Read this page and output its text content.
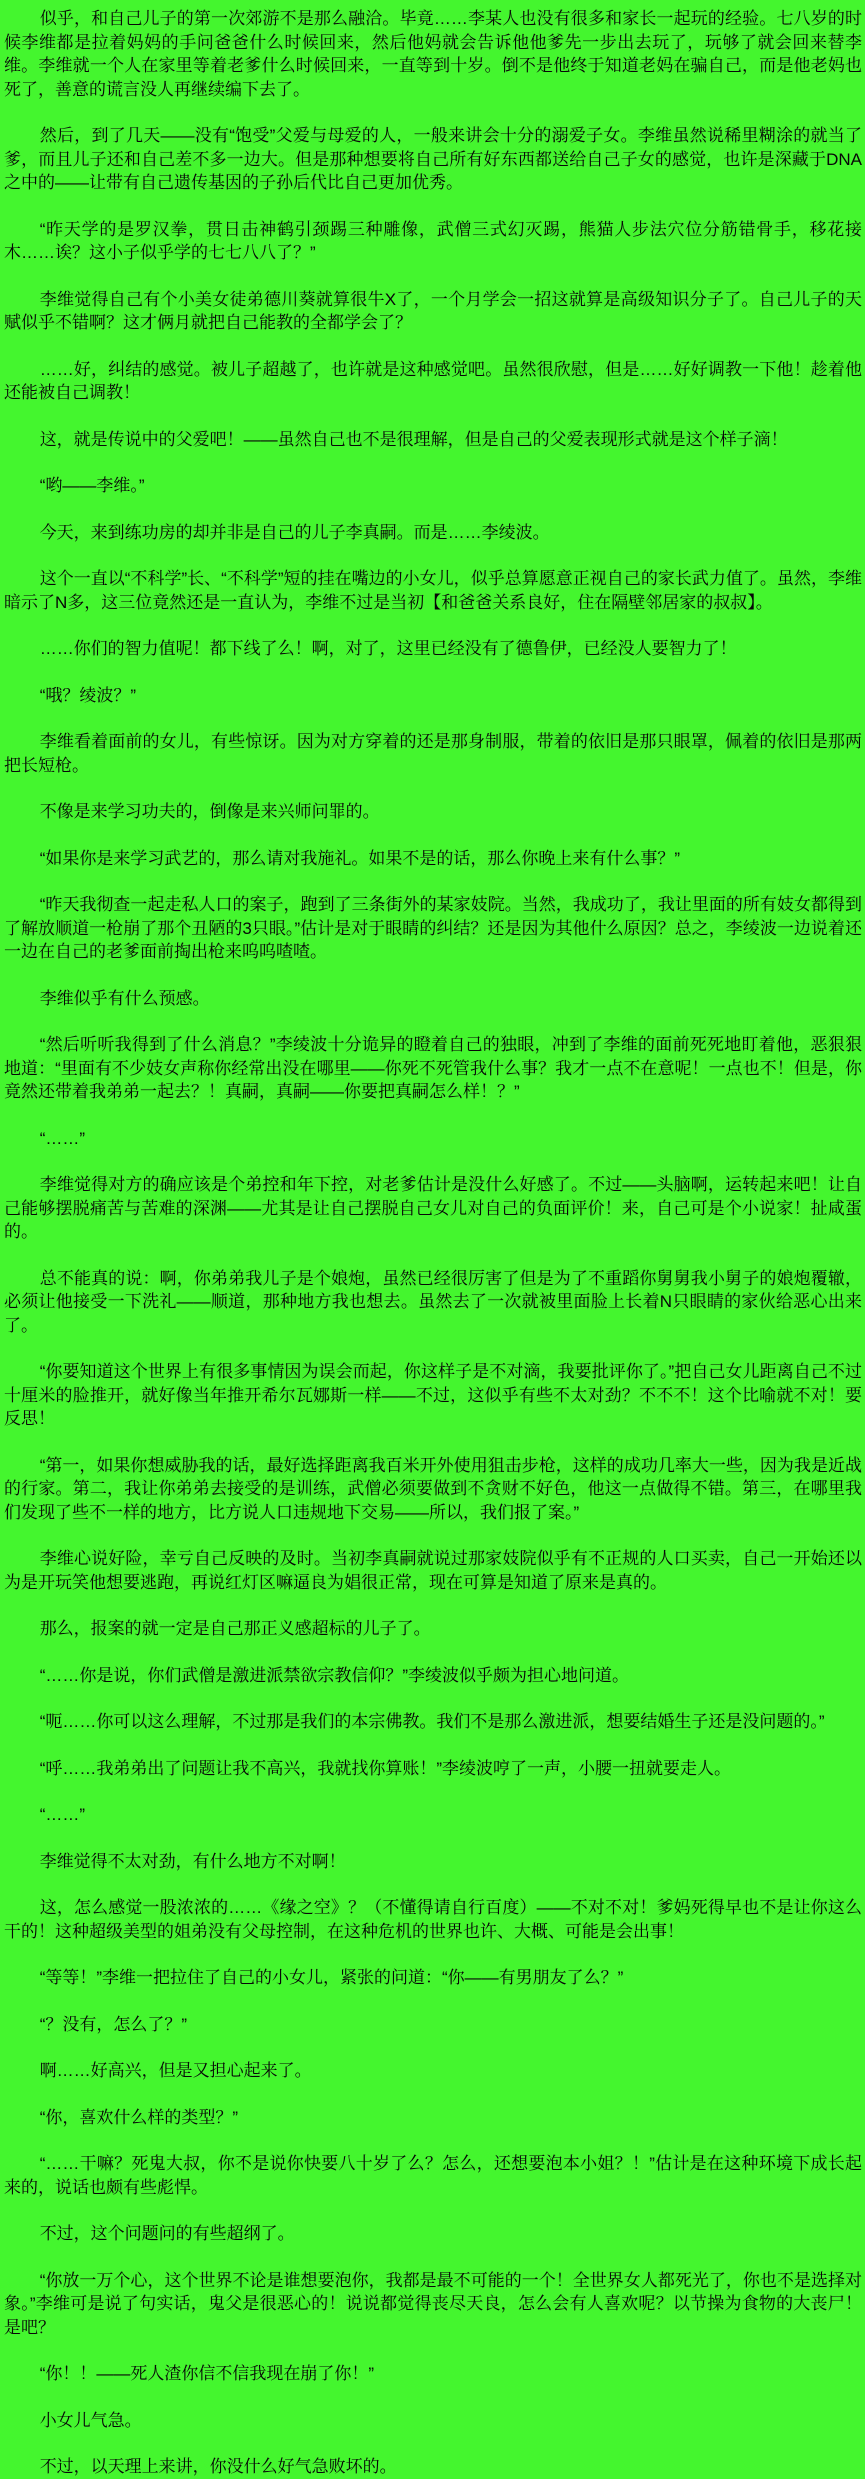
似乎，和自己儿子的第一次郊游不是那么融洽。毕竟……李某人也没有很多和家长一起玩的经验。七八岁的时候李维都是拉着妈妈的手问爸爸什么时候回来，然后他妈就会告诉他他爹先一步出去玩了，玩够了就会回来替李维。李维就一个人在家里等着老爹什么时候回来，一直等到十岁。倒不是他终于知道老妈在骗自己，而是他老妈也死了，善意的谎言没人再继续编下去了。

然后，到了几天——没有“饱受”父爱与母爱的人，一般来讲会十分的溺爱子女。李维虽然说稀里糊涂的就当了爹，而且儿子还和自己差不多一边大。但是那种想要将自己所有好东西都送给自己子女的感觉，也许是深藏于DNA之中的——让带有自己遗传基因的子孙后代比自己更加优秀。

“昨天学的是罗汉拳，贯日击神鹤引颈踢三种雕像，武僧三式幻灭踢，熊猫人步法穴位分筋错骨手，移花接木……诶？这小子似乎学的七七八八了？”

李维觉得自己有个小美女徒弟德川葵就算很牛X了，一个月学会一招这就算是高级知识分子了。自己儿子的天赋似乎不错啊？这才俩月就把自己能教的全都学会了？

……好，纠结的感觉。被儿子超越了，也许就是这种感觉吧。虽然很欣慰，但是……好好调教一下他！趁着他还能被自己调教！

这，就是传说中的父爱吧！——虽然自己也不是很理解，但是自己的父爱表现形式就是这个样子滴！

“哟——李维。”

今天，来到练功房的却并非是自己的儿子李真嗣。而是……李绫波。

这个一直以“不科学”长、“不科学”短的挂在嘴边的小女儿，似乎总算愿意正视自己的家长武力值了。虽然，李维暗示了N多，这三位竟然还是一直认为，李维不过是当初【和爸爸关系良好，住在隔壁邻居家的叔叔】。

……你们的智力值呢！都下线了么！啊，对了，这里已经没有了德鲁伊，已经没人要智力了！

“哦？绫波？”

李维看着面前的女儿，有些惊讶。因为对方穿着的还是那身制服，带着的依旧是那只眼罩，佩着的依旧是那两把长短枪。

不像是来学习功夫的，倒像是来兴师问罪的。

“如果你是来学习武艺的，那么请对我施礼。如果不是的话，那么你晚上来有什么事？”

“昨天我彻查一起走私人口的案子，跑到了三条街外的某家妓院。当然，我成功了，我让里面的所有妓女都得到了解放顺道一枪崩了那个丑陋的3只眼。”估计是对于眼睛的纠结？还是因为其他什么原因？总之，李绫波一边说着还一边在自己的老爹面前掏出枪来呜呜喳喳。

李维似乎有什么预感。

“然后听听我得到了什么消息？”李绫波十分诡异的瞪着自己的独眼，冲到了李维的面前死死地盯着他，恶狠狠地道：“里面有不少妓女声称你经常出没在哪里——你死不死管我什么事？我才一点不在意呢！一点也不！但是，你竟然还带着我弟弟一起去？！真嗣，真嗣——你要把真嗣怎么样！？”

“……”

李维觉得对方的确应该是个弟控和年下控，对老爹估计是没什么好感了。不过——头脑啊，运转起来吧！让自己能够摆脱痛苦与苦难的深渊——尤其是让自己摆脱自己女儿对自己的负面评价！来，自己可是个小说家！扯咸蛋的。

总不能真的说：啊，你弟弟我儿子是个娘炮，虽然已经很厉害了但是为了不重蹈你舅舅我小舅子的娘炮覆辙，必须让他接受一下洗礼——顺道，那种地方我也想去。虽然去了一次就被里面脸上长着N只眼睛的家伙给恶心出来了。

“你要知道这个世界上有很多事情因为误会而起，你这样子是不对滴，我要批评你了。”把自己女儿距离自己不过十厘米的脸推开，就好像当年推开希尔瓦娜斯一样——不过，这似乎有些不太对劲？不不不！这个比喻就不对！要反思！

“第一，如果你想威胁我的话，最好选择距离我百米开外使用狙击步枪，这样的成功几率大一些，因为我是近战的行家。第二，我让你弟弟去接受的是训练，武僧必须要做到不贪财不好色，他这一点做得不错。第三，在哪里我们发现了些不一样的地方，比方说人口违规地下交易——所以，我们报了案。”

李维心说好险，幸亏自己反映的及时。当初李真嗣就说过那家妓院似乎有不正规的人口买卖，自己一开始还以为是开玩笑他想要逃跑，再说红灯区嘛逼良为娼很正常，现在可算是知道了原来是真的。

那么，报案的就一定是自己那正义感超标的儿子了。

“……你是说，你们武僧是激进派禁欲宗教信仰？”李绫波似乎颇为担心地问道。

“呃……你可以这么理解，不过那是我们的本宗佛教。我们不是那么激进派，想要结婚生子还是没问题的。”

“呼……我弟弟出了问题让我不高兴，我就找你算账！”李绫波哼了一声，小腰一扭就要走人。

“……”

李维觉得不太对劲，有什么地方不对啊！

这，怎么感觉一股浓浓的……《缘之空》？（不懂得请自行百度）——不对不对！爹妈死得早也不是让你这么干的！这种超级美型的姐弟没有父母控制，在这种危机的世界也许、大概、可能是会出事！

“等等！”李维一把拉住了自己的小女儿，紧张的问道：“你——有男朋友了么？”

“？没有，怎么了？”

啊……好高兴，但是又担心起来了。

“你，喜欢什么样的类型？”

“……干嘛？死鬼大叔，你不是说你快要八十岁了么？怎么，还想要泡本小姐？！”估计是在这种环境下成长起来的，说话也颇有些彪悍。

不过，这个问题问的有些超纲了。

“你放一万个心，这个世界不论是谁想要泡你，我都是最不可能的一个！全世界女人都死光了，你也不是选择对象。”李维可是说了句实话，鬼父是很恶心的！说说都觉得丧尽天良，怎么会有人喜欢呢？以节操为食物的大丧尸！是吧？

“你！！——死人渣你信不信我现在崩了你！”

小女儿气急。

不过，以天理上来讲，你没什么好气急败坏的。
